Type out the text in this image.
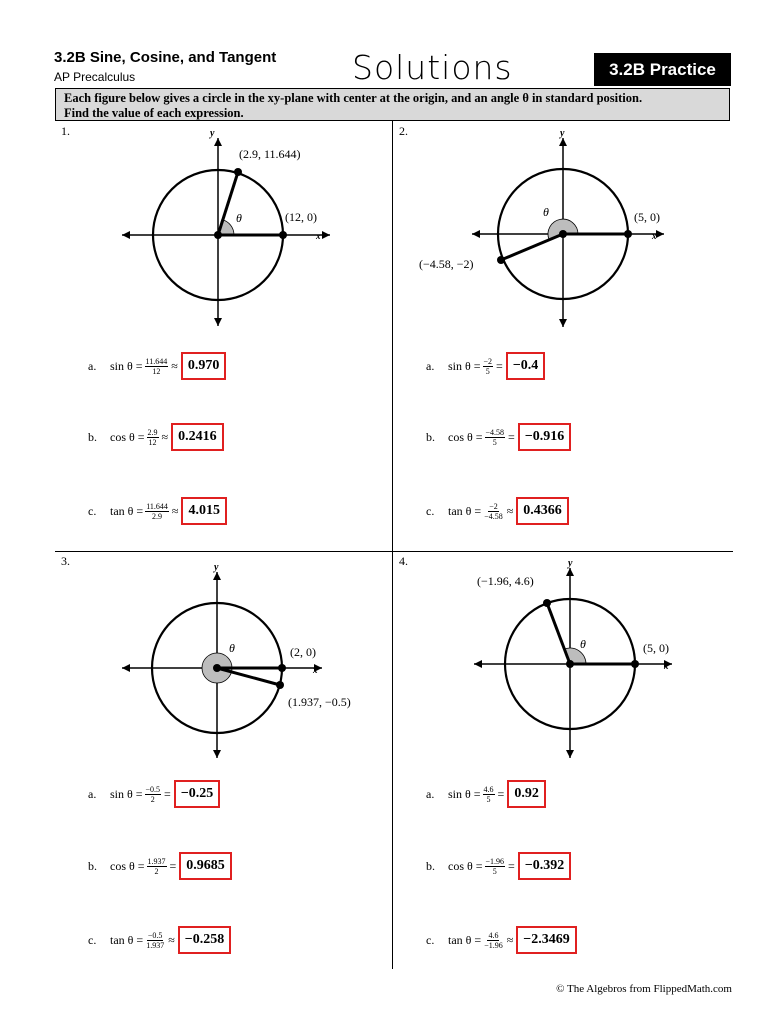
3.2B Sine, Cosine, and Tangent
AP Precalculus	Solutions	3.2B Practice
Each figure below gives a circle in the xy-plane with center at the origin, and an angle θ in standard position.
Find the value of each expression.
1.	y
x
θ
(2.9, 11.644)
(12, 0)
a.	$\sin \theta = \frac{11.644}{12} \approx 0.970$
b.	$\cos \theta = \frac{2.9}{12} \approx 0.2416$
c.	$\tan \theta = \frac{11.644}{2.9} \approx 4.015$
2.	y
x
θ
(−4.58, −2)
(5, 0)
a.	$\sin \theta = \frac{-2}{5} = -0.4$
b.	$\cos \theta = \frac{-4.58}{5} = -0.916$
c.	$\tan \theta = \frac{-2}{-4.58} \approx 0.4366$
3.	y
x
θ
(1.937, −0.5)
(2, 0)
a.	$\sin \theta = \frac{-0.5}{2} = -0.25$
b.	$\cos \theta = \frac{1.937}{2} = 0.9685$
c.	$\tan \theta = \frac{-0.5}{1.937} \approx -0.258$
4.	y
x
θ
(−1.96, 4.6)
(5, 0)
a.	$\sin \theta = \frac{4.6}{5} = 0.92$
b.	$\cos \theta = \frac{-1.96}{5} = -0.392$
c.	$\tan \theta = \frac{4.6}{-1.96} \approx -2.3469$
© The Algebros from FlippedMath.com
